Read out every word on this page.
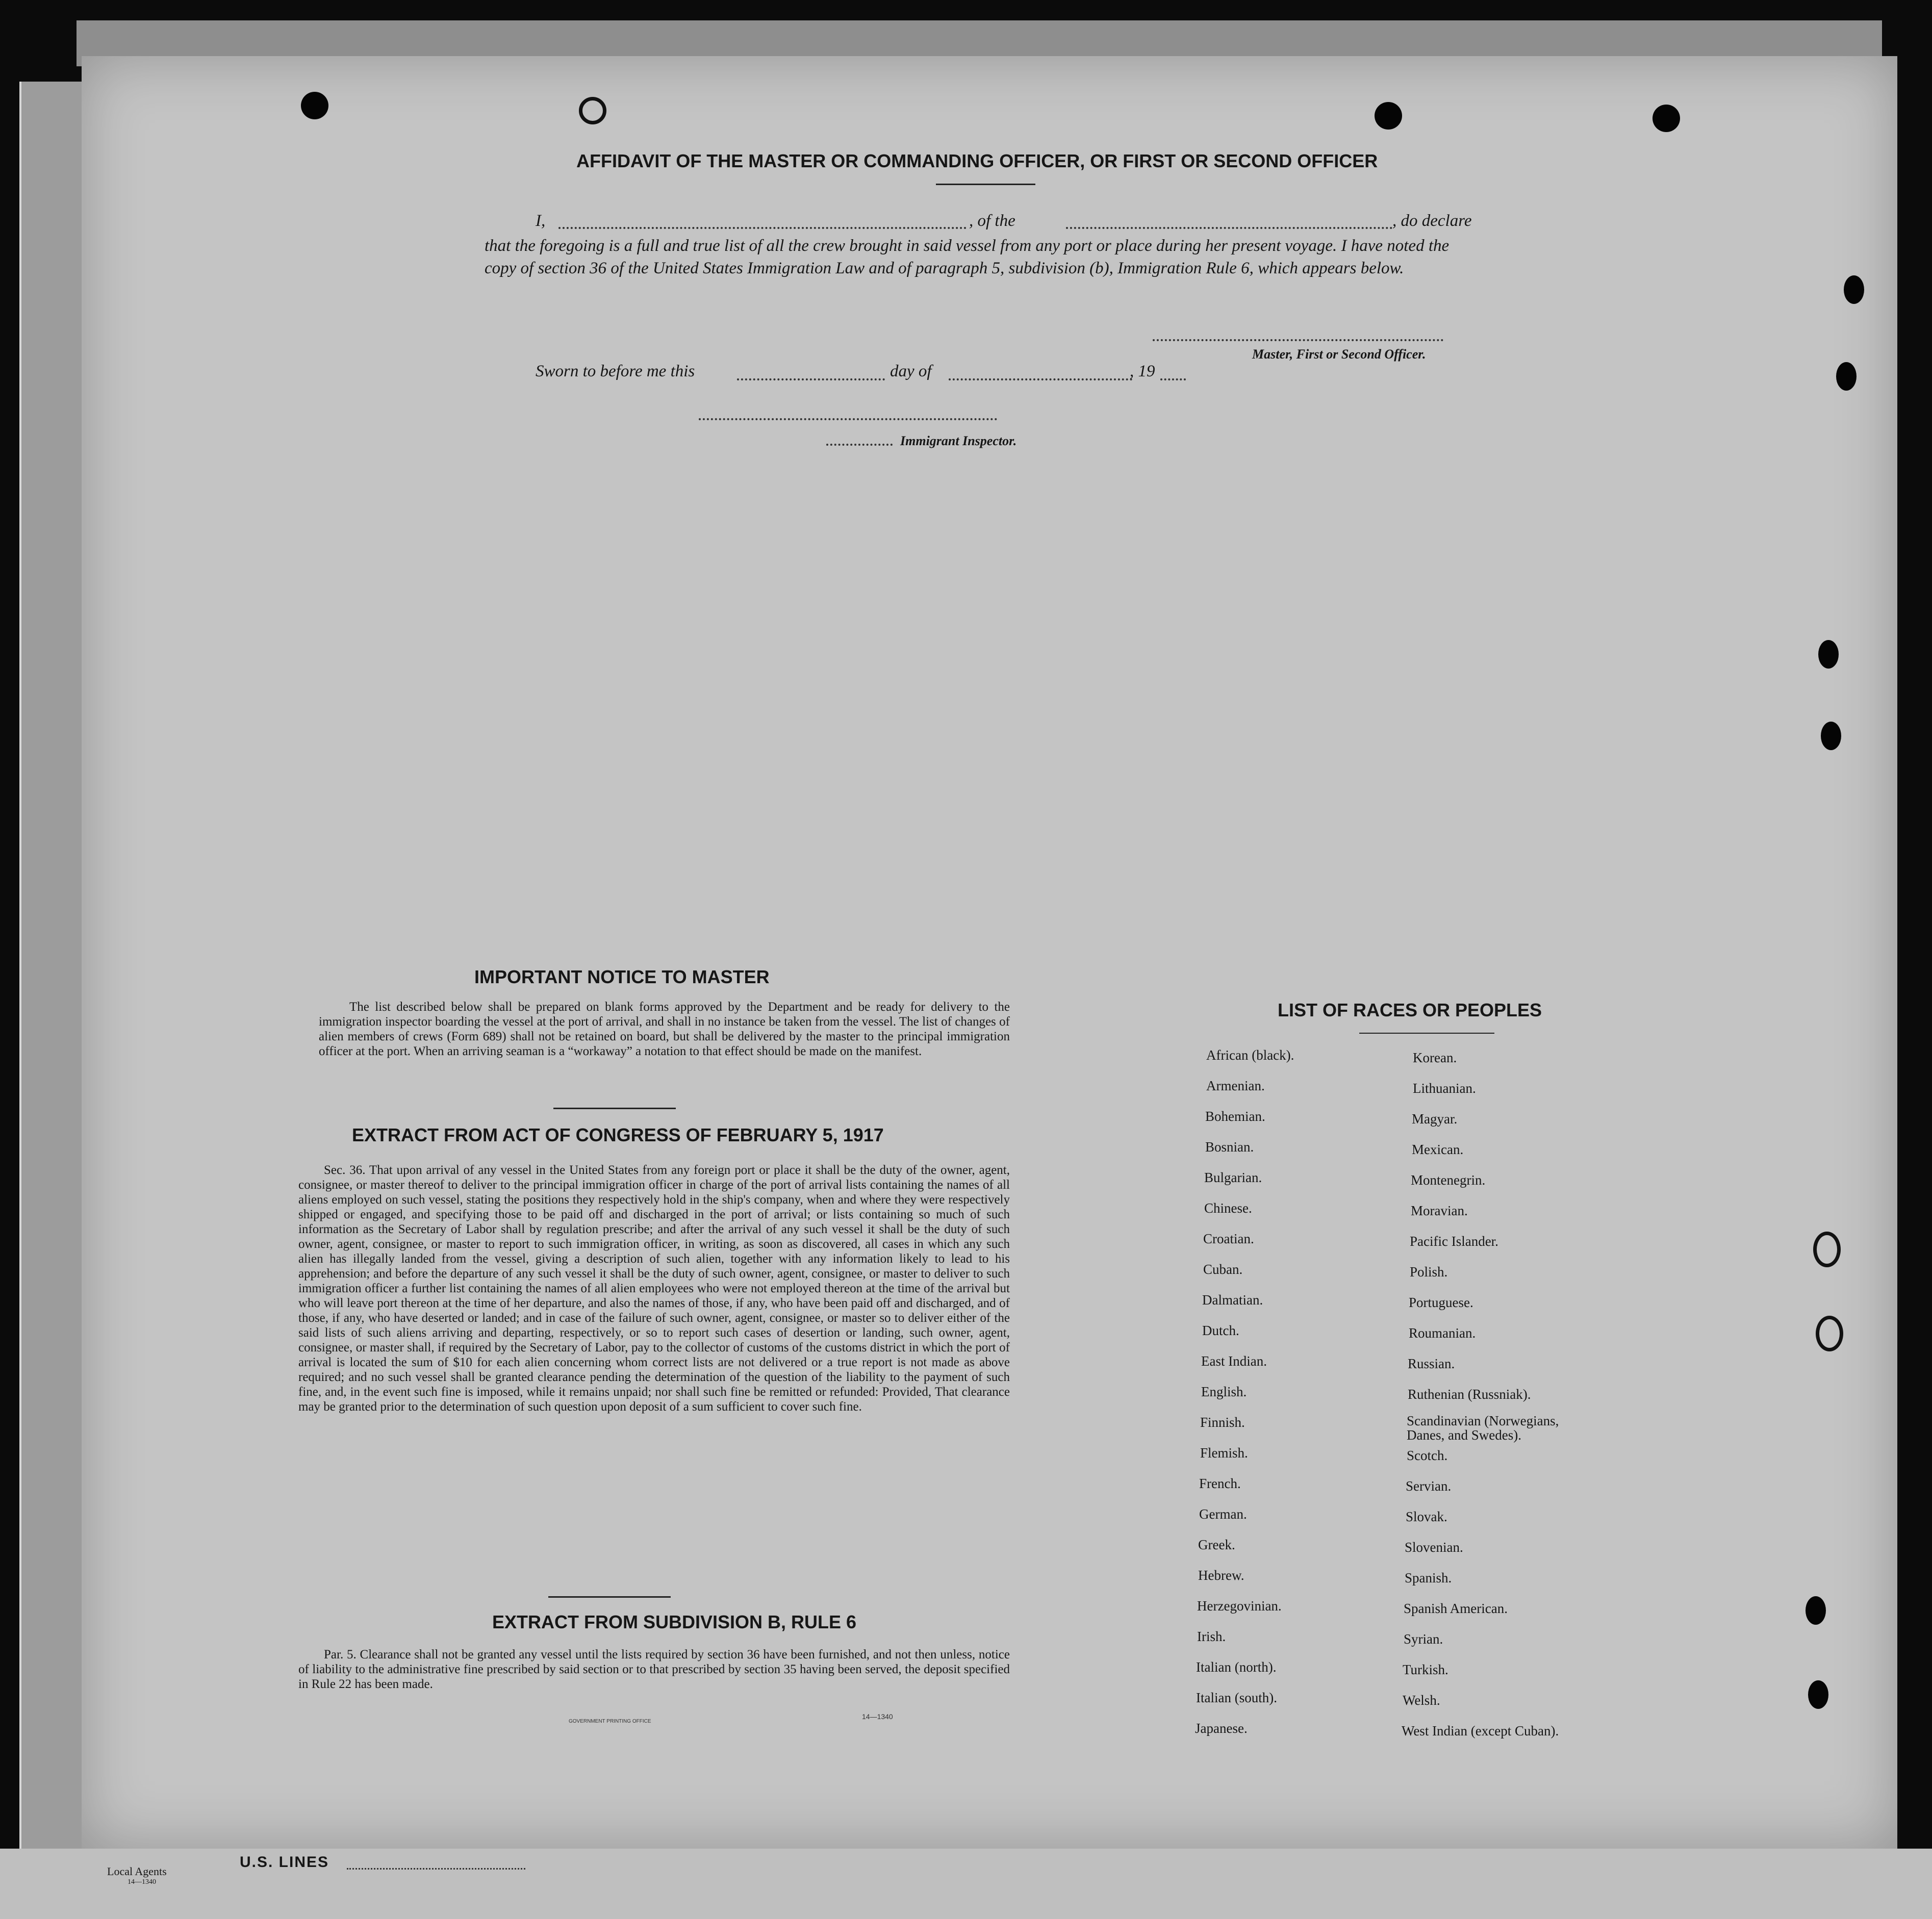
AFFIDAVIT OF THE MASTER OR COMMANDING OFFICER, OR FIRST OR SECOND OFFICER
I,	, of the	, do declare
that the foregoing is a full and true list of all the crew brought in said vessel from any port or place during her present voyage. I have noted the copy of section 36 of the United States Immigration Law and of paragraph 5, subdivision (b), Immigration Rule 6, which appears below.
Master, First or Second Officer.
Sworn to before me this	day of	, 19
Immigrant Inspector.
IMPORTANT NOTICE TO MASTER
The list described below shall be prepared on blank forms approved by the Department and be ready for delivery to the immigration inspector boarding the vessel at the port of arrival, and shall in no instance be taken from the vessel. The list of changes of alien members of crews (Form 689) shall not be retained on board, but shall be delivered by the master to the principal immigration officer at the port. When an arriving seaman is a “workaway” a notation to that effect should be made on the manifest.
EXTRACT FROM ACT OF CONGRESS OF FEBRUARY 5, 1917
Sec. 36. That upon arrival of any vessel in the United States from any foreign port or place it shall be the duty of the owner, agent, consignee, or master thereof to deliver to the principal immigration officer in charge of the port of arrival lists containing the names of all aliens employed on such vessel, stating the positions they respectively hold in the ship's company, when and where they were respectively shipped or engaged, and specifying those to be paid off and discharged in the port of arrival; or lists containing so much of such information as the Secretary of Labor shall by regulation prescribe; and after the arrival of any such vessel it shall be the duty of such owner, agent, consignee, or master to report to such immigration officer, in writing, as soon as discovered, all cases in which any such alien has illegally landed from the vessel, giving a description of such alien, together with any information likely to lead to his apprehension; and before the departure of any such vessel it shall be the duty of such owner, agent, consignee, or master to deliver to such immigration officer a further list containing the names of all alien employees who were not employed thereon at the time of the arrival but who will leave port thereon at the time of her departure, and also the names of those, if any, who have been paid off and discharged, and of those, if any, who have deserted or landed; and in case of the failure of such owner, agent, consignee, or master so to deliver either of the said lists of such aliens arriving and departing, respectively, or so to report such cases of desertion or landing, such owner, agent, consignee, or master shall, if required by the Secretary of Labor, pay to the collector of customs of the customs district in which the port of arrival is located the sum of $10 for each alien concerning whom correct lists are not delivered or a true report is not made as above required; and no such vessel shall be granted clearance pending the determination of the question of the liability to the payment of such fine, and, in the event such fine is imposed, while it remains unpaid; nor shall such fine be remitted or refunded: Provided, That clearance may be granted prior to the determination of such question upon deposit of a sum sufficient to cover such fine.
EXTRACT FROM SUBDIVISION B, RULE 6
Par. 5. Clearance shall not be granted any vessel until the lists required by section 36 have been furnished, and not then unless, notice of liability to the administrative fine prescribed by said section or to that prescribed by section 35 having been served, the deposit specified in Rule 22 has been made.
GOVERNMENT PRINTING OFFICE
14—1340
LIST OF RACES OR PEOPLES
African (black).
Armenian.
Bohemian.
Bosnian.
Bulgarian.
Chinese.
Croatian.
Cuban.
Dalmatian.
Dutch.
East Indian.
English.
Finnish.
Flemish.
French.
German.
Greek.
Hebrew.
Herzegovinian.
Irish.
Italian (north).
Italian (south).
Japanese.
Korean.
Lithuanian.
Magyar.
Mexican.
Montenegrin.
Moravian.
Pacific Islander.
Polish.
Portuguese.
Roumanian.
Russian.
Ruthenian (Russniak).
Scandinavian (Norwegians, Danes, and Swedes).
Scotch.
Servian.
Slovak.
Slovenian.
Spanish.
Spanish American.
Syrian.
Turkish.
Welsh.
West Indian (except Cuban).
Local Agents
14—1340
U.S. LINES
